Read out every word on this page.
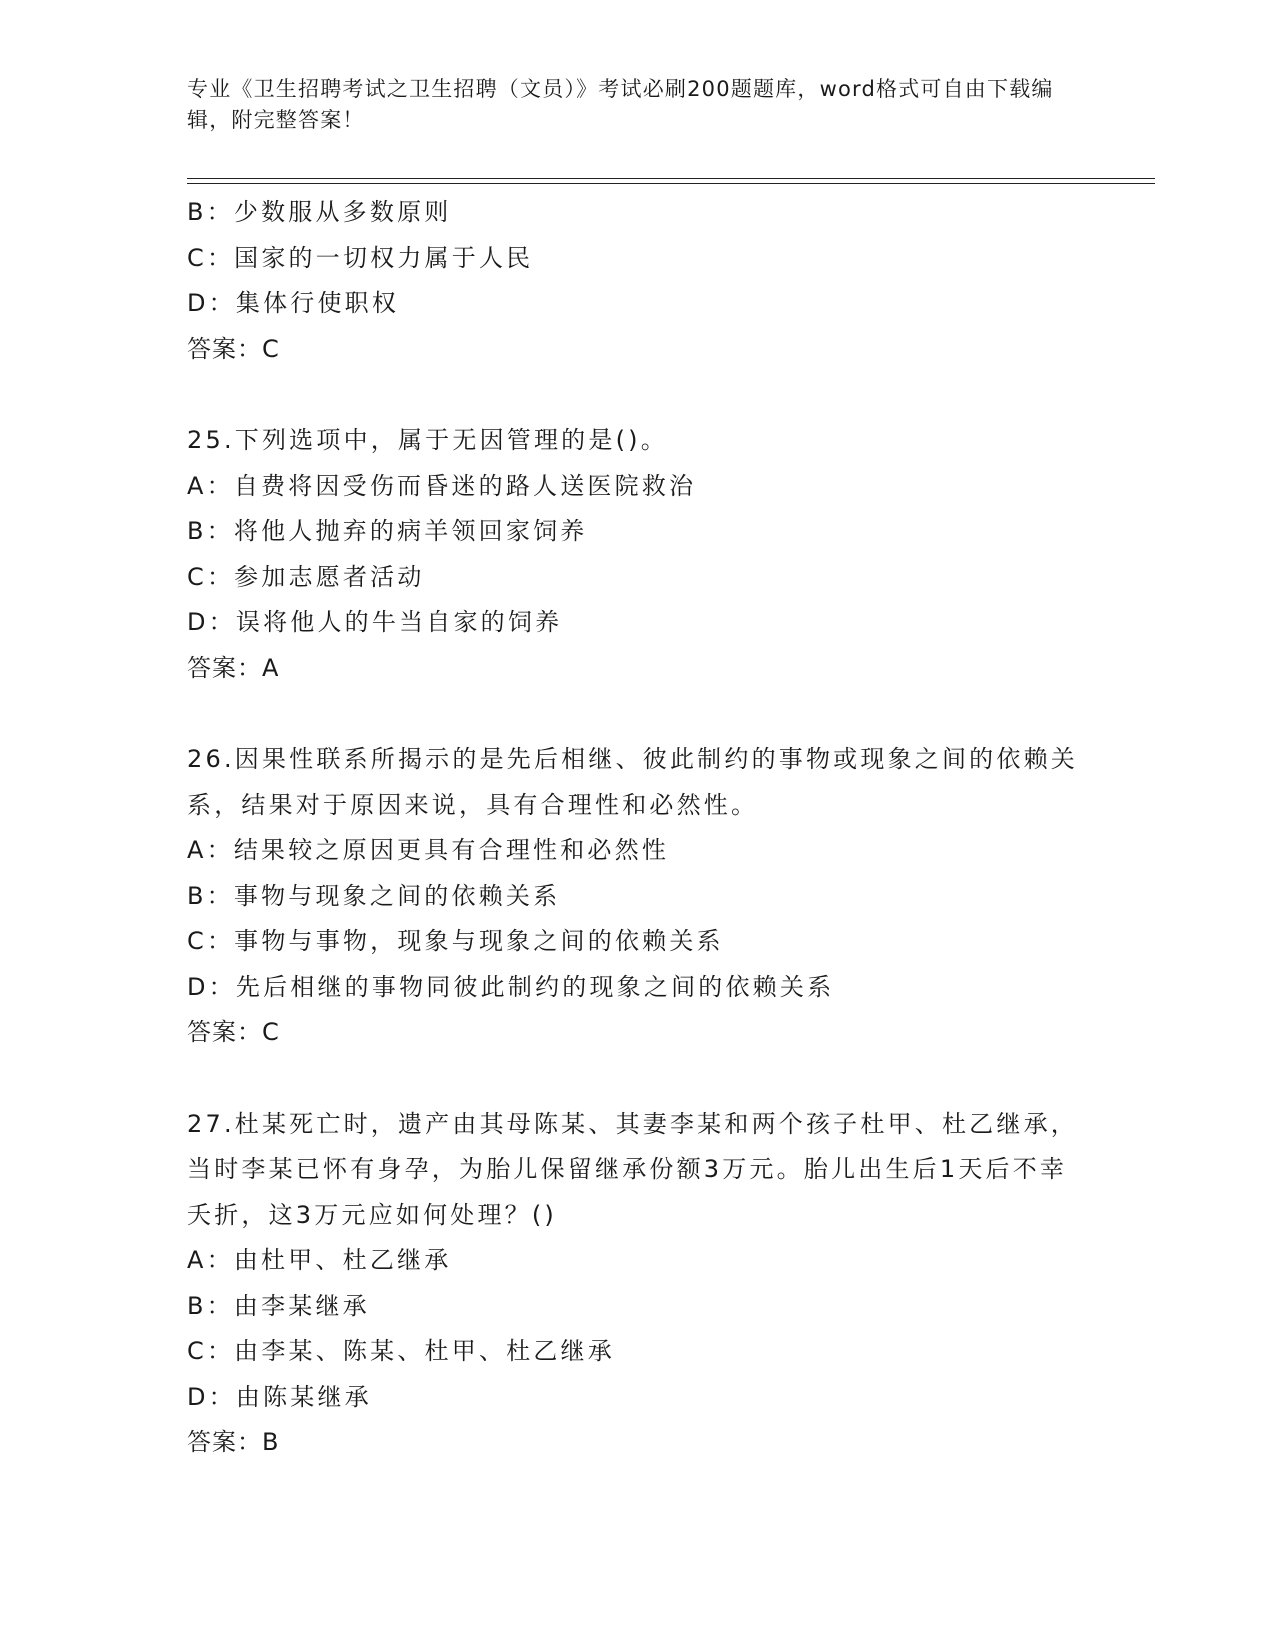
专业《卫生招聘考试之卫生招聘（文员）》考试必刷200题题库，word格式可自由下载编辑，附完整答案！
B：少数服从多数原则
C：国家的一切权力属于人民
D：集体行使职权
答案：C
25.下列选项中，属于无因管理的是()。
A：自费将因受伤而昏迷的路人送医院救治
B：将他人抛弃的病羊领回家饲养
C：参加志愿者活动
D：误将他人的牛当自家的饲养
答案：A
26.因果性联系所揭示的是先后相继、彼此制约的事物或现象之间的依赖关系，结果对于原因来说，具有合理性和必然性。
A：结果较之原因更具有合理性和必然性
B：事物与现象之间的依赖关系
C：事物与事物，现象与现象之间的依赖关系
D：先后相继的事物同彼此制约的现象之间的依赖关系
答案：C
27.杜某死亡时，遗产由其母陈某、其妻李某和两个孩子杜甲、杜乙继承，当时李某已怀有身孕，为胎儿保留继承份额3万元。胎儿出生后1天后不幸夭折，这3万元应如何处理？()
A：由杜甲、杜乙继承
B：由李某继承
C：由李某、陈某、杜甲、杜乙继承
D：由陈某继承
答案：B
